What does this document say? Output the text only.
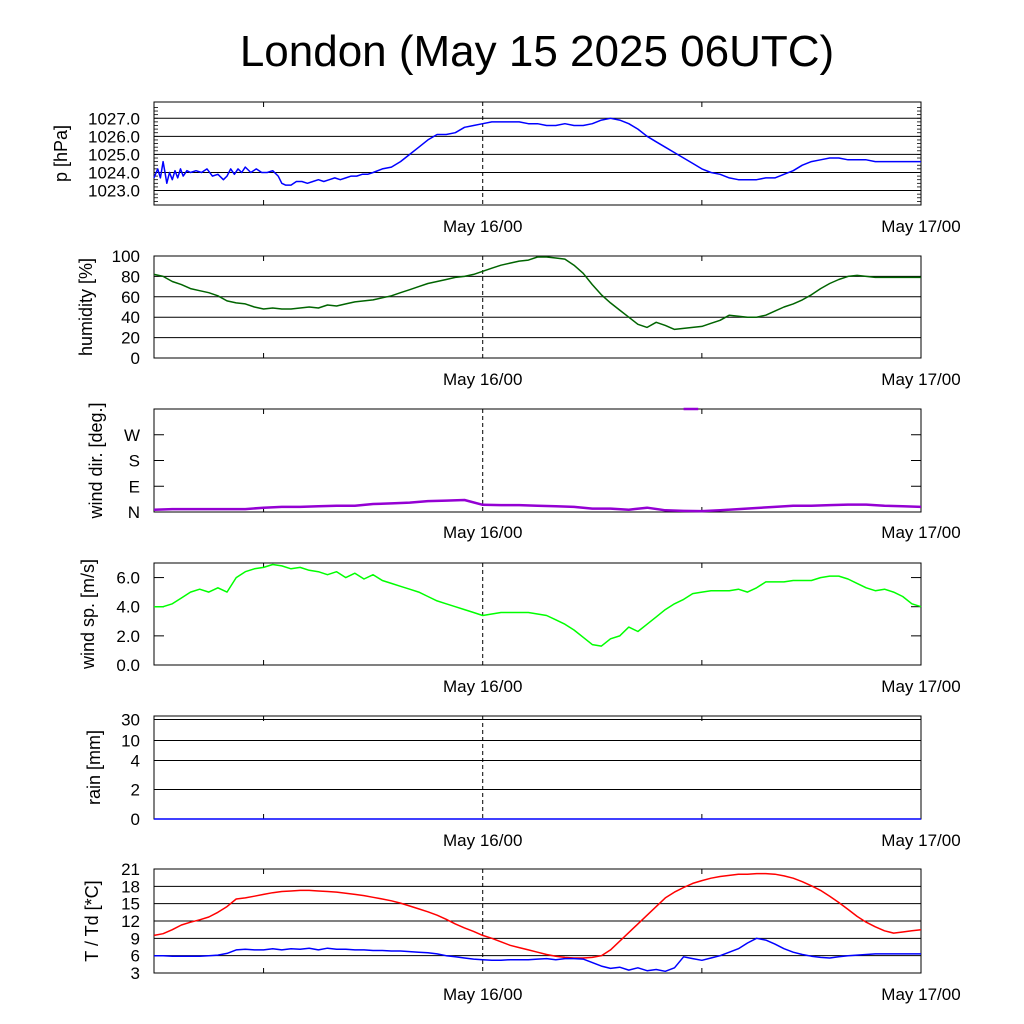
London (May 15 2025 06UTC)
1023.0
1024.0
1025.0
1026.0
1027.0
May 16/00	May 17/00
p [hPa]
0
20
40
60
80
100
May 16/00	May 17/00
humidity [%]
N
E
S
W
May 16/00	May 17/00
wind dir. [deg.]
0.0
2.0
4.0
6.0
May 16/00	May 17/00
wind sp. [m/s]
0
2
4
10
30
May 16/00	May 17/00
rain [mm]
3
6
9
12
15
18
21
May 16/00	May 17/00
T / Td [*C]
